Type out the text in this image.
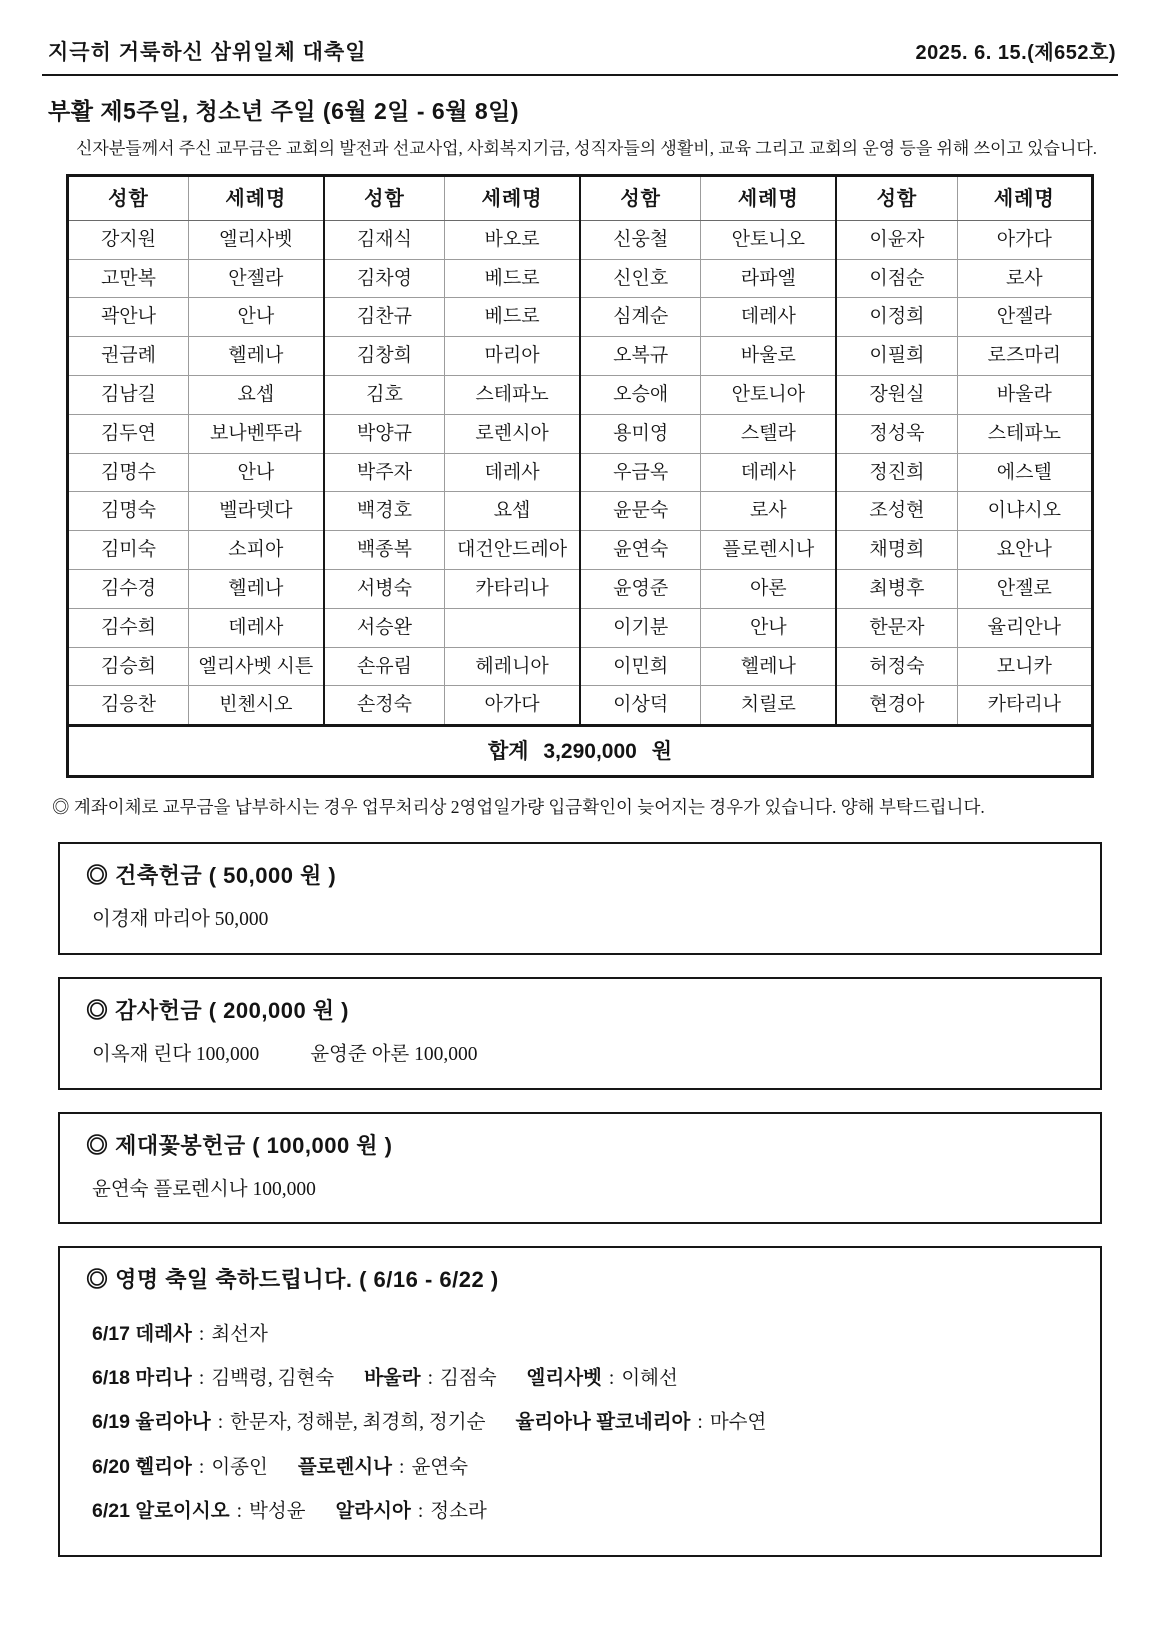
지극히 거룩하신 삼위일체 대축일	2025. 6. 15.(제652호)
부활 제5주일, 청소년 주일 (6월 2일 - 6월 8일)
신자분들께서 주신 교무금은 교회의 발전과 선교사업, 사회복지기금, 성직자들의 생활비, 교육 그리고 교회의 운영 등을 위해 쓰이고 있습니다.
성함	세례명	성함	세례명	성함	세례명	성함	세례명
강지원	엘리사벳	김재식	바오로	신웅철	안토니오	이윤자	아가다
고만복	안젤라	김차영	베드로	신인호	라파엘	이점순	로사
곽안나	안나	김찬규	베드로	심계순	데레사	이정희	안젤라
권금례	헬레나	김창희	마리아	오복규	바울로	이필희	로즈마리
김남길	요셉	김호	스테파노	오승애	안토니아	장원실	바울라
김두연	보나벤뚜라	박양규	로렌시아	용미영	스텔라	정성욱	스테파노
김명수	안나	박주자	데레사	우금옥	데레사	정진희	에스텔
김명숙	벨라뎃다	백경호	요셉	윤문숙	로사	조성현	이냐시오
김미숙	소피아	백종복	대건안드레아	윤연숙	플로렌시나	채명희	요안나
김수경	헬레나	서병숙	카타리나	윤영준	아론	최병후	안젤로
김수희	데레사	서승완		이기분	안나	한문자	율리안나
김승희	엘리사벳 시튼	손유림	헤레니아	이민희	헬레나	허정숙	모니카
김응찬	빈첸시오	손정숙	아가다	이상덕	치릴로	현경아	카타리나
합계 3,290,000 원							
◎ 계좌이체로 교무금을 납부하시는 경우 업무처리상 2영업일가량 입금확인이 늦어지는 경우가 있습니다. 양해 부탁드립니다.
◎ 건축헌금 ( 50,000 원 )
이경재 마리아 50,000
◎ 감사헌금 ( 200,000 원 )
이옥재 린다 100,000	윤영준 아론 100,000
◎ 제대꽃봉헌금 ( 100,000 원 )
윤연숙 플로렌시나 100,000
◎ 영명 축일 축하드립니다. ( 6/16 - 6/22 )
6/17 데레사 : 최선자
6/18 마리나 : 김백령, 김현숙 바울라 : 김점숙 엘리사벳 : 이혜선
6/19 율리아나 : 한문자, 정해분, 최경희, 정기순 율리아나 팔코네리아 : 마수연
6/20 헬리아 : 이종인 플로렌시나 : 윤연숙
6/21 알로이시오 : 박성윤 알라시아 : 정소라
